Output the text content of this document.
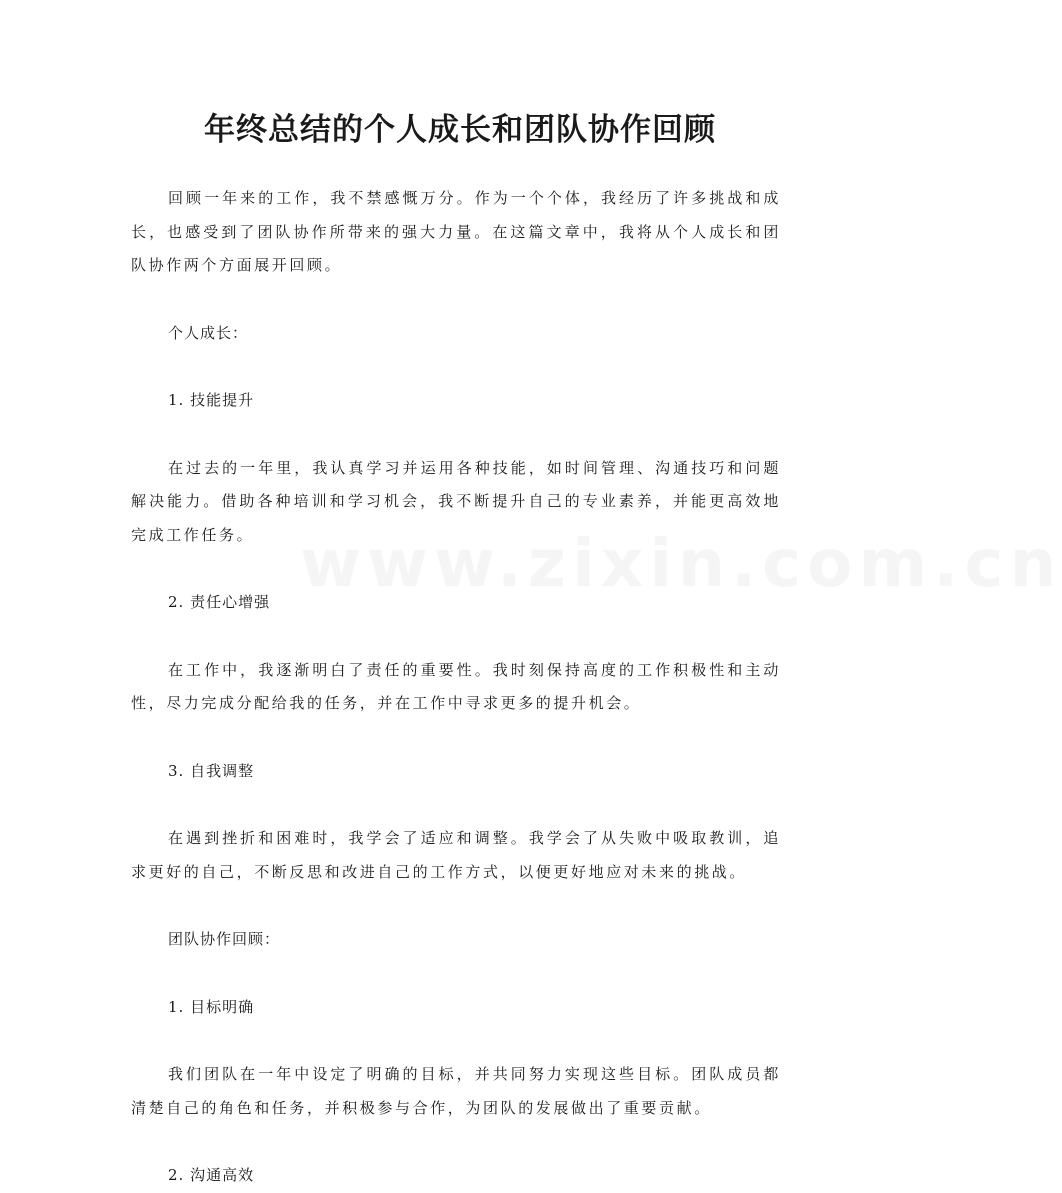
www.zixin.com.cn
年终总结的个人成长和团队协作回顾

回顾一年来的工作，我不禁感慨万分。作为一个个体，我经历了许多挑战和成长，也感受到了团队协作所带来的强大力量。在这篇文章中，我将从个人成长和团队协作两个方面展开回顾。

个人成长：

1. 技能提升

在过去的一年里，我认真学习并运用各种技能，如时间管理、沟通技巧和问题解决能力。借助各种培训和学习机会，我不断提升自己的专业素养，并能更高效地完成工作任务。

2. 责任心增强

在工作中，我逐渐明白了责任的重要性。我时刻保持高度的工作积极性和主动性，尽力完成分配给我的任务，并在工作中寻求更多的提升机会。

3. 自我调整

在遇到挫折和困难时，我学会了适应和调整。我学会了从失败中吸取教训，追求更好的自己，不断反思和改进自己的工作方式，以便更好地应对未来的挑战。

团队协作回顾：

1. 目标明确

我们团队在一年中设定了明确的目标，并共同努力实现这些目标。团队成员都清楚自己的角色和任务，并积极参与合作，为团队的发展做出了重要贡献。

2. 沟通高效
